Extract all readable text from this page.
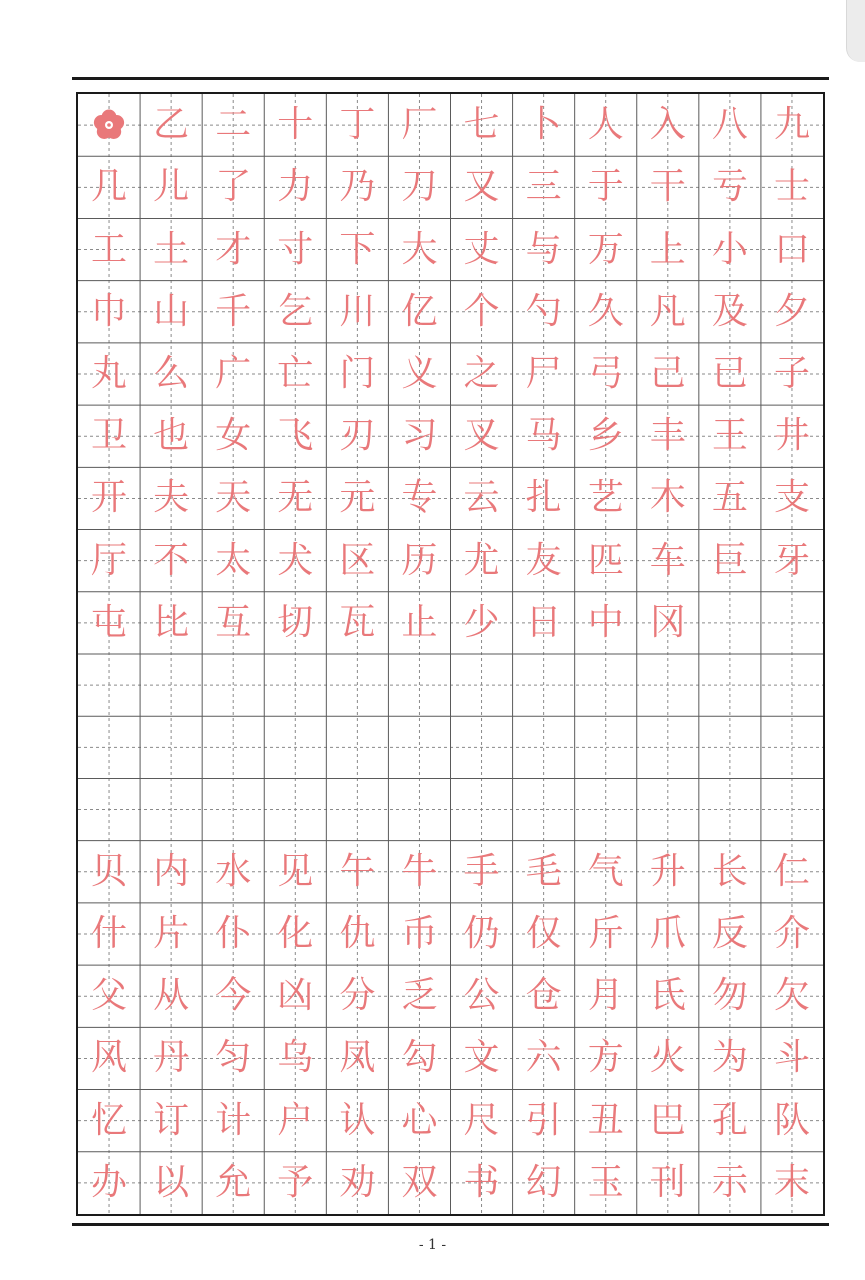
乙 二 十 丁 厂 七 卜 人 入 八 九
几 儿 了 力 乃 刀 又 三 于 干 亏 士
工 土 才 寸 下 大 丈 与 万 上 小 口
巾 山 千 乞 川 亿 个 勺 久 凡 及 夕
丸 么 广 亡 门 义 之 尸 弓 己 已 子
卫 也 女 飞 刃 习 叉 马 乡 丰 王 井
开 夫 天 无 元 专 云 扎 艺 木 五 支
厅 不 太 犬 区 历 尤 友 匹 车 巨 牙
屯 比 互 切 瓦 止 少 日 中 冈
贝 内 水 见 午 牛 手 毛 气 升 长 仁
什 片 仆 化 仇 币 仍 仅 斤 爪 反 介
父 从 今 凶 分 乏 公 仓 月 氏 勿 欠
风 丹 匀 乌 凤 勾 文 六 方 火 为 斗
忆 订 计 户 认 心 尺 引 丑 巴 孔 队
办 以 允 予 劝 双 书 幻 玉 刊 示 末
- 1 -
